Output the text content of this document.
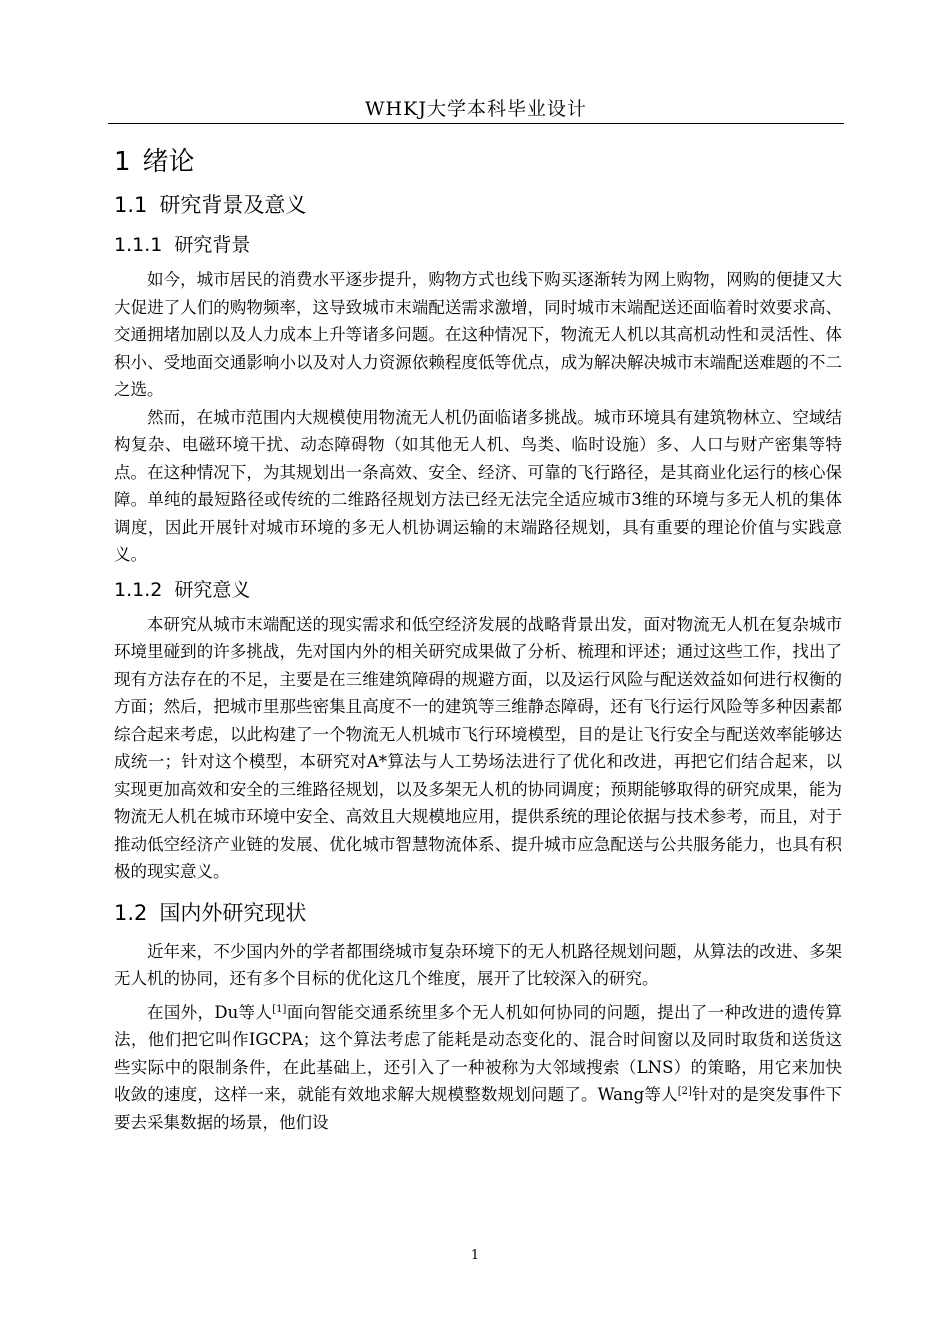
WHKJ大学本科毕业设计
1 绪论
1.1 研究背景及意义
1.1.1 研究背景

如今，城市居民的消费水平逐步提升，购物方式也线下购买逐渐转为网上购物，网购的便捷又大大促进了人们的购物频率，这导致城市末端配送需求激增，同时城市末端配送还面临着时效要求高、交通拥堵加剧以及人力成本上升等诸多问题。在这种情况下，物流无人机以其高机动性和灵活性、体积小、受地面交通影响小以及对人力资源依赖程度低等优点，成为解决解决城市末端配送难题的不二之选。

然而，在城市范围内大规模使用物流无人机仍面临诸多挑战。城市环境具有建筑物林立、空域结构复杂、电磁环境干扰、动态障碍物（如其他无人机、鸟类、临时设施）多、人口与财产密集等特点。在这种情况下，为其规划出一条高效、安全、经济、可靠的飞行路径，是其商业化运行的核心保障。单纯的最短路径或传统的二维路径规划方法已经无法完全适应城市3维的环境与多无人机的集体调度，因此开展针对城市环境的多无人机协调运输的末端路径规划，具有重要的理论价值与实践意义。

1.1.2 研究意义

本研究从城市末端配送的现实需求和低空经济发展的战略背景出发，面对物流无人机在复杂城市环境里碰到的许多挑战，先对国内外的相关研究成果做了分析、梳理和评述；通过这些工作，找出了现有方法存在的不足，主要是在三维建筑障碍的规避方面，以及运行风险与配送效益如何进行权衡的方面；然后，把城市里那些密集且高度不一的建筑等三维静态障碍，还有飞行运行风险等多种因素都综合起来考虑，以此构建了一个物流无人机城市飞行环境模型，目的是让飞行安全与配送效率能够达成统一；针对这个模型，本研究对A*算法与人工势场法进行了优化和改进，再把它们结合起来，以实现更加高效和安全的三维路径规划，以及多架无人机的协同调度；预期能够取得的研究成果，能为物流无人机在城市环境中安全、高效且大规模地应用，提供系统的理论依据与技术参考，而且，对于推动低空经济产业链的发展、优化城市智慧物流体系、提升城市应急配送与公共服务能力，也具有积极的现实意义。

1.2 国内外研究现状

近年来，不少国内外的学者都围绕城市复杂环境下的无人机路径规划问题，从算法的改进、多架无人机的协同，还有多个目标的优化这几个维度，展开了比较深入的研究。

在国外，Du等人[1]面向智能交通系统里多个无人机如何协同的问题，提出了一种改进的遗传算法，他们把它叫作IGCPA；这个算法考虑了能耗是动态变化的、混合时间窗以及同时取货和送货这些实际中的限制条件，在此基础上，还引入了一种被称为大邻域搜索（LNS）的策略，用它来加快收敛的速度，这样一来，就能有效地求解大规模整数规划问题了。Wang等人[2]针对的是突发事件下要去采集数据的场景，他们设

1
